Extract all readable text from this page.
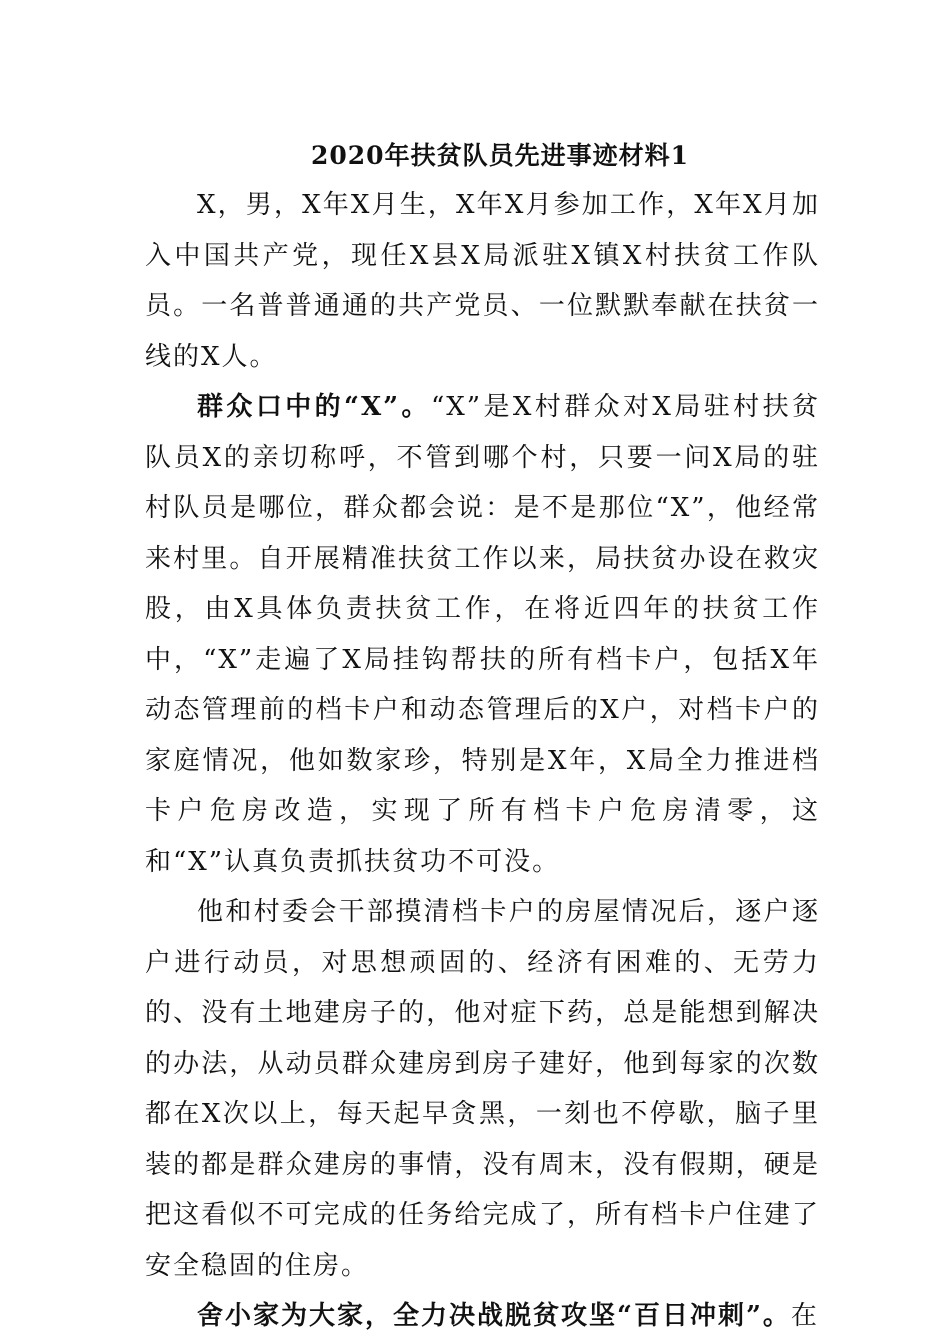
2020年扶贫队员先进事迹材料1

X，男，X年X月生，X年X月参加工作，X年X月加入中国共产党，现任X县X局派驻X镇X村扶贫工作队员。一名普普通通的共产党员、一位默默奉献在扶贫一线的X人。

群众口中的“X”。“X”是X村群众对X局驻村扶贫队员X的亲切称呼，不管到哪个村，只要一问X局的驻村队员是哪位，群众都会说：是不是那位“X”，他经常来村里。自开展精准扶贫工作以来，局扶贫办设在救灾股，由X具体负责扶贫工作，在将近四年的扶贫工作中，“X”走遍了X局挂钩帮扶的所有档卡户，包括X年动态管理前的档卡户和动态管理后的X户，对档卡户的家庭情况，他如数家珍，特别是X年，X局全力推进档卡户危房改造，实现了所有档卡户危房清零，这和“X”认真负责抓扶贫功不可没。

他和村委会干部摸清档卡户的房屋情况后，逐户逐户进行动员，对思想顽固的、经济有困难的、无劳力的、没有土地建房子的，他对症下药，总是能想到解决的办法，从动员群众建房到房子建好，他到每家的次数都在X次以上，每天起早贪黑，一刻也不停歇，脑子里装的都是群众建房的事情，没有周末，没有假期，硬是把这看似不可完成的任务给完成了，所有档卡户住建了安全稳固的住房。

舍小家为大家，全力决战脱贫攻坚“百日冲刺”。在
